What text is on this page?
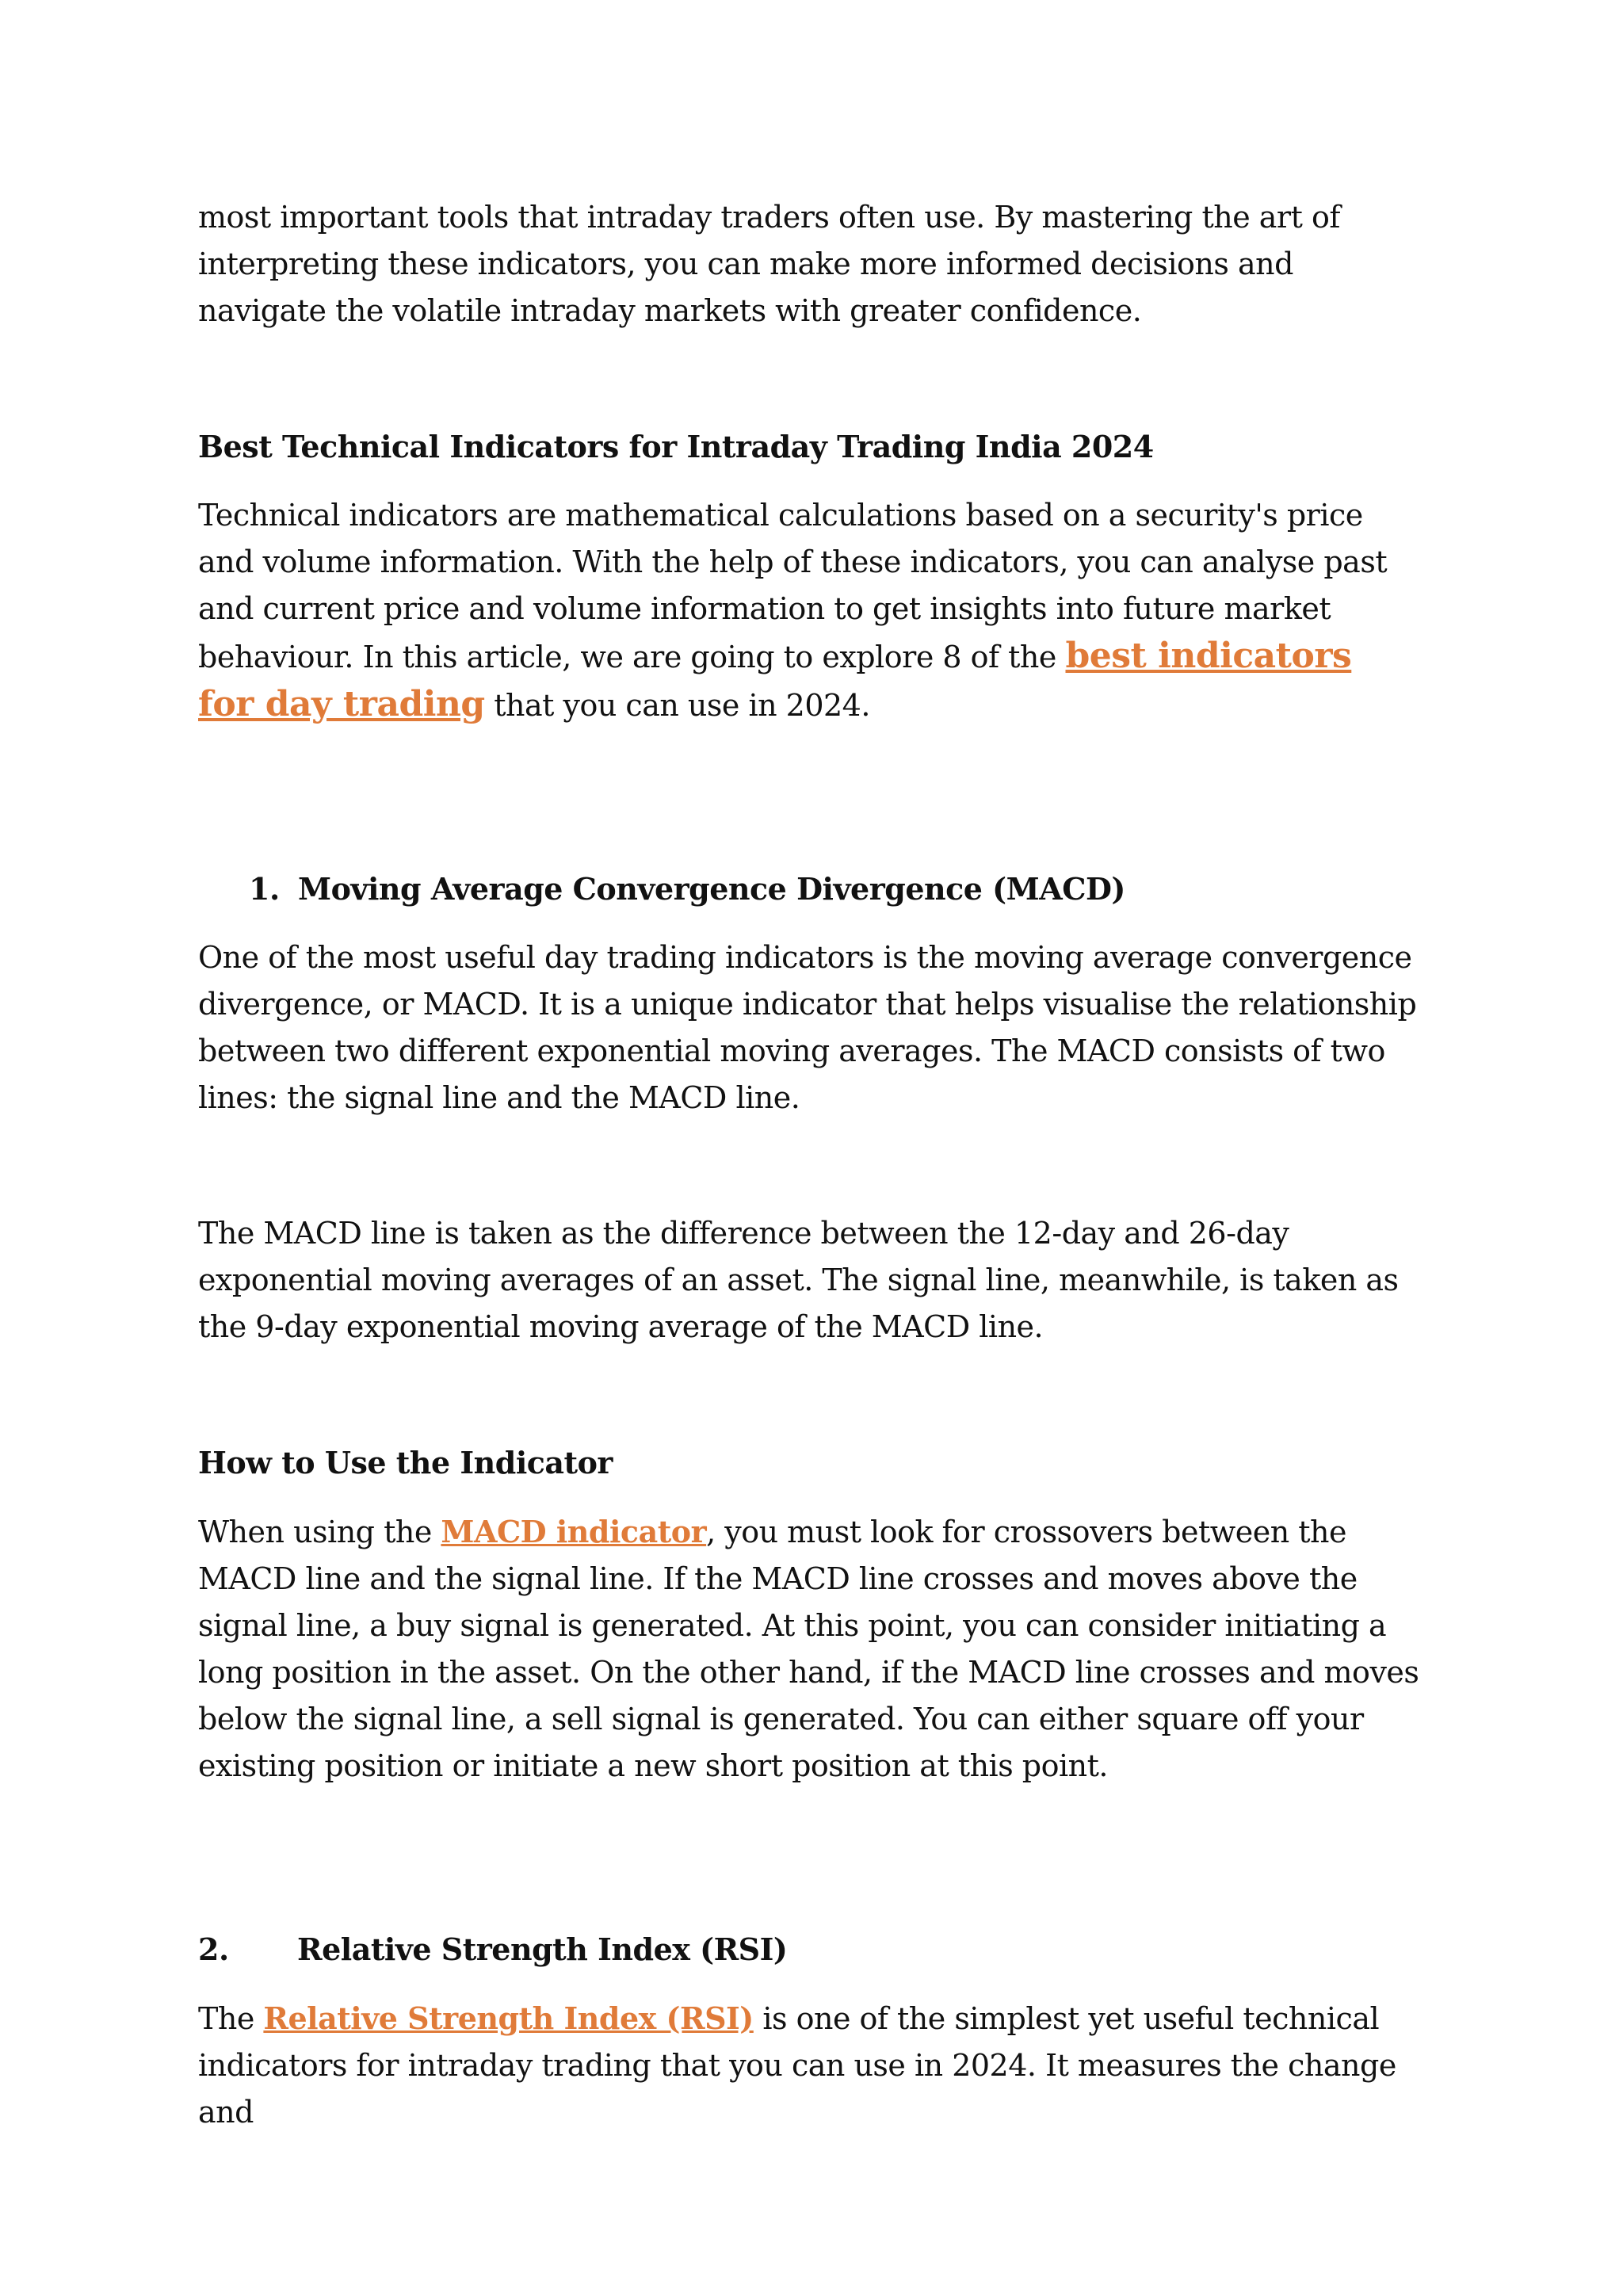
most important tools that intraday traders often use. By mastering the art of interpreting these indicators, you can make more informed decisions and navigate the volatile intraday markets with greater confidence.

Best Technical Indicators for Intraday Trading India 2024

Technical indicators are mathematical calculations based on a security's price and volume information. With the help of these indicators, you can analyse past and current price and volume information to get insights into future market behaviour. In this article, we are going to explore 8 of the best indicators for day trading that you can use in 2024.

1. Moving Average Convergence Divergence (MACD)

One of the most useful day trading indicators is the moving average convergence divergence, or MACD. It is a unique indicator that helps visualise the relationship between two different exponential moving averages. The MACD consists of two lines: the signal line and the MACD line.

The MACD line is taken as the difference between the 12-day and 26-day exponential moving averages of an asset. The signal line, meanwhile, is taken as the 9-day exponential moving average of the MACD line.

How to Use the Indicator

When using the MACD indicator, you must look for crossovers between the MACD line and the signal line. If the MACD line crosses and moves above the signal line, a buy signal is generated. At this point, you can consider initiating a long position in the asset. On the other hand, if the MACD line crosses and moves below the signal line, a sell signal is generated. You can either square off your existing position or initiate a new short position at this point.

2.	Relative Strength Index (RSI)

The Relative Strength Index (RSI) is one of the simplest yet useful technical indicators for intraday trading that you can use in 2024. It measures the change and
